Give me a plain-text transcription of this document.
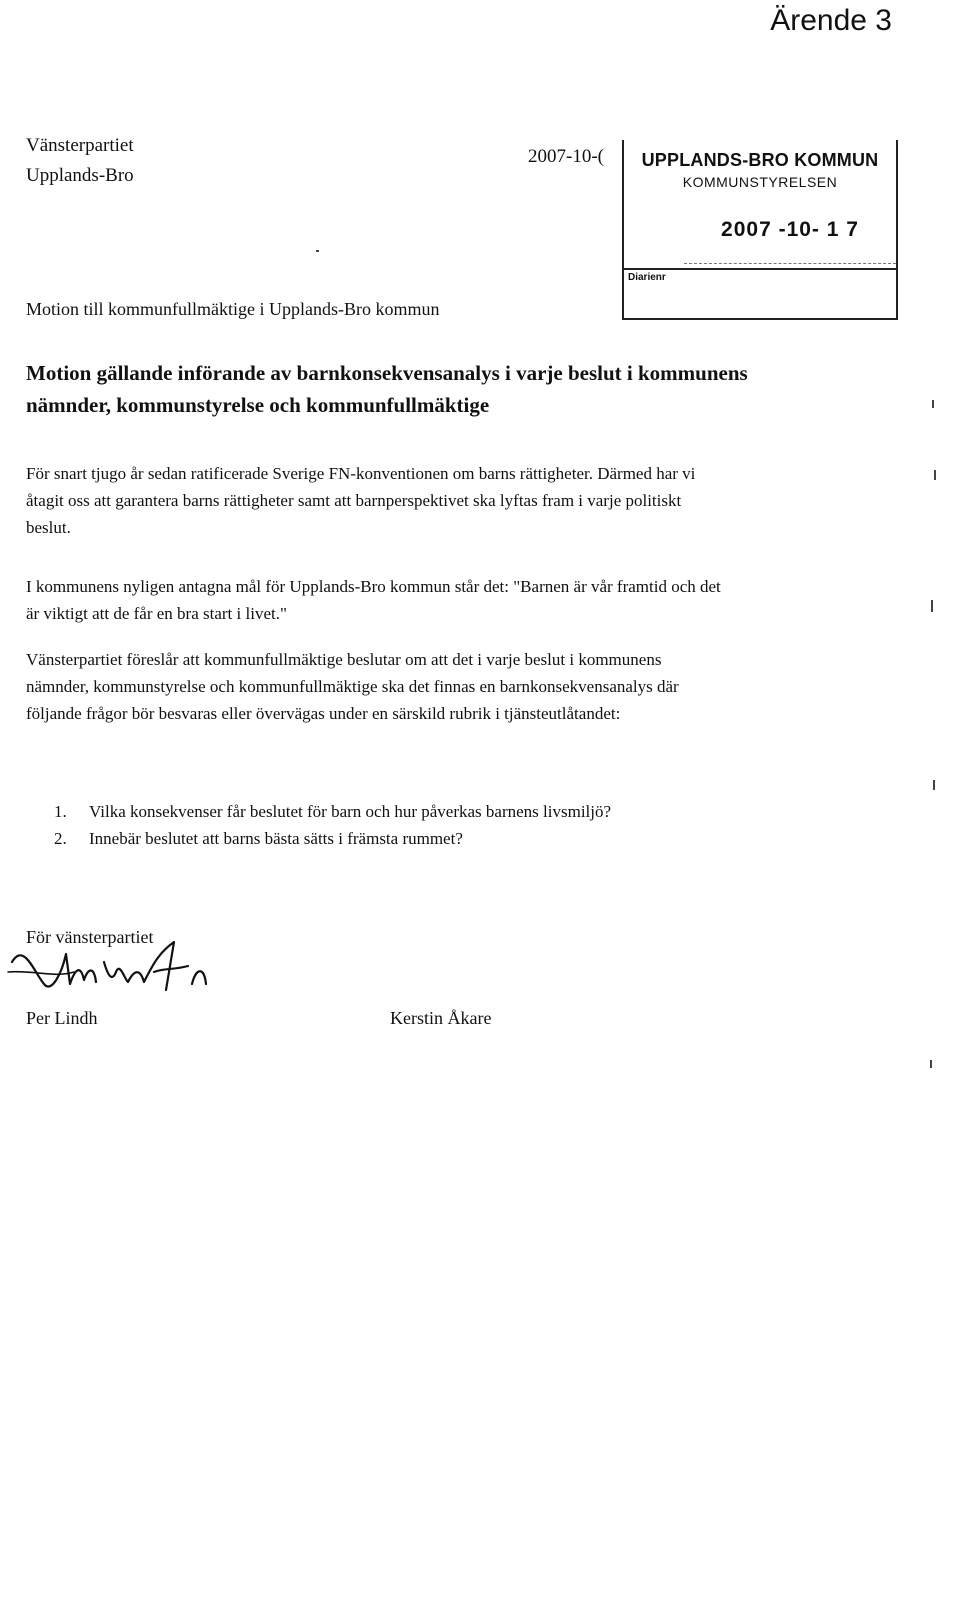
Ärende 3
Vänsterpartiet
Upplands-Bro
2007-10-(	UPPLANDS-BRO KOMMUN
KOMMUNSTYRELSEN
2007 -10- 1 7
Diarienr
Motion till kommunfullmäktige i Upplands-Bro kommun
Motion gällande införande av barnkonsekvensanalys i varje beslut i kommunens nämnder, kommunstyrelse och kommunfullmäktige
För snart tjugo år sedan ratificerade Sverige FN-konventionen om barns rättigheter. Därmed har vi åtagit oss att garantera barns rättigheter samt att barnperspektivet ska lyftas fram i varje politiskt beslut.
I kommunens nyligen antagna mål för Upplands-Bro kommun står det: "Barnen är vår framtid och det är viktigt att de får en bra start i livet."
Vänsterpartiet föreslår att kommunfullmäktige beslutar om att det i varje beslut i kommunens nämnder, kommunstyrelse och kommunfullmäktige ska det finnas en barnkonsekvensanalys där följande frågor bör besvaras eller övervägas under en särskild rubrik i tjänsteutlåtandet:
1.	Vilka konsekvenser får beslutet för barn och hur påverkas barnens livsmiljö?
2.	Innebär beslutet att barns bästa sätts i främsta rummet?
För vänsterpartiet
Per Lindh	Kerstin Åkare
